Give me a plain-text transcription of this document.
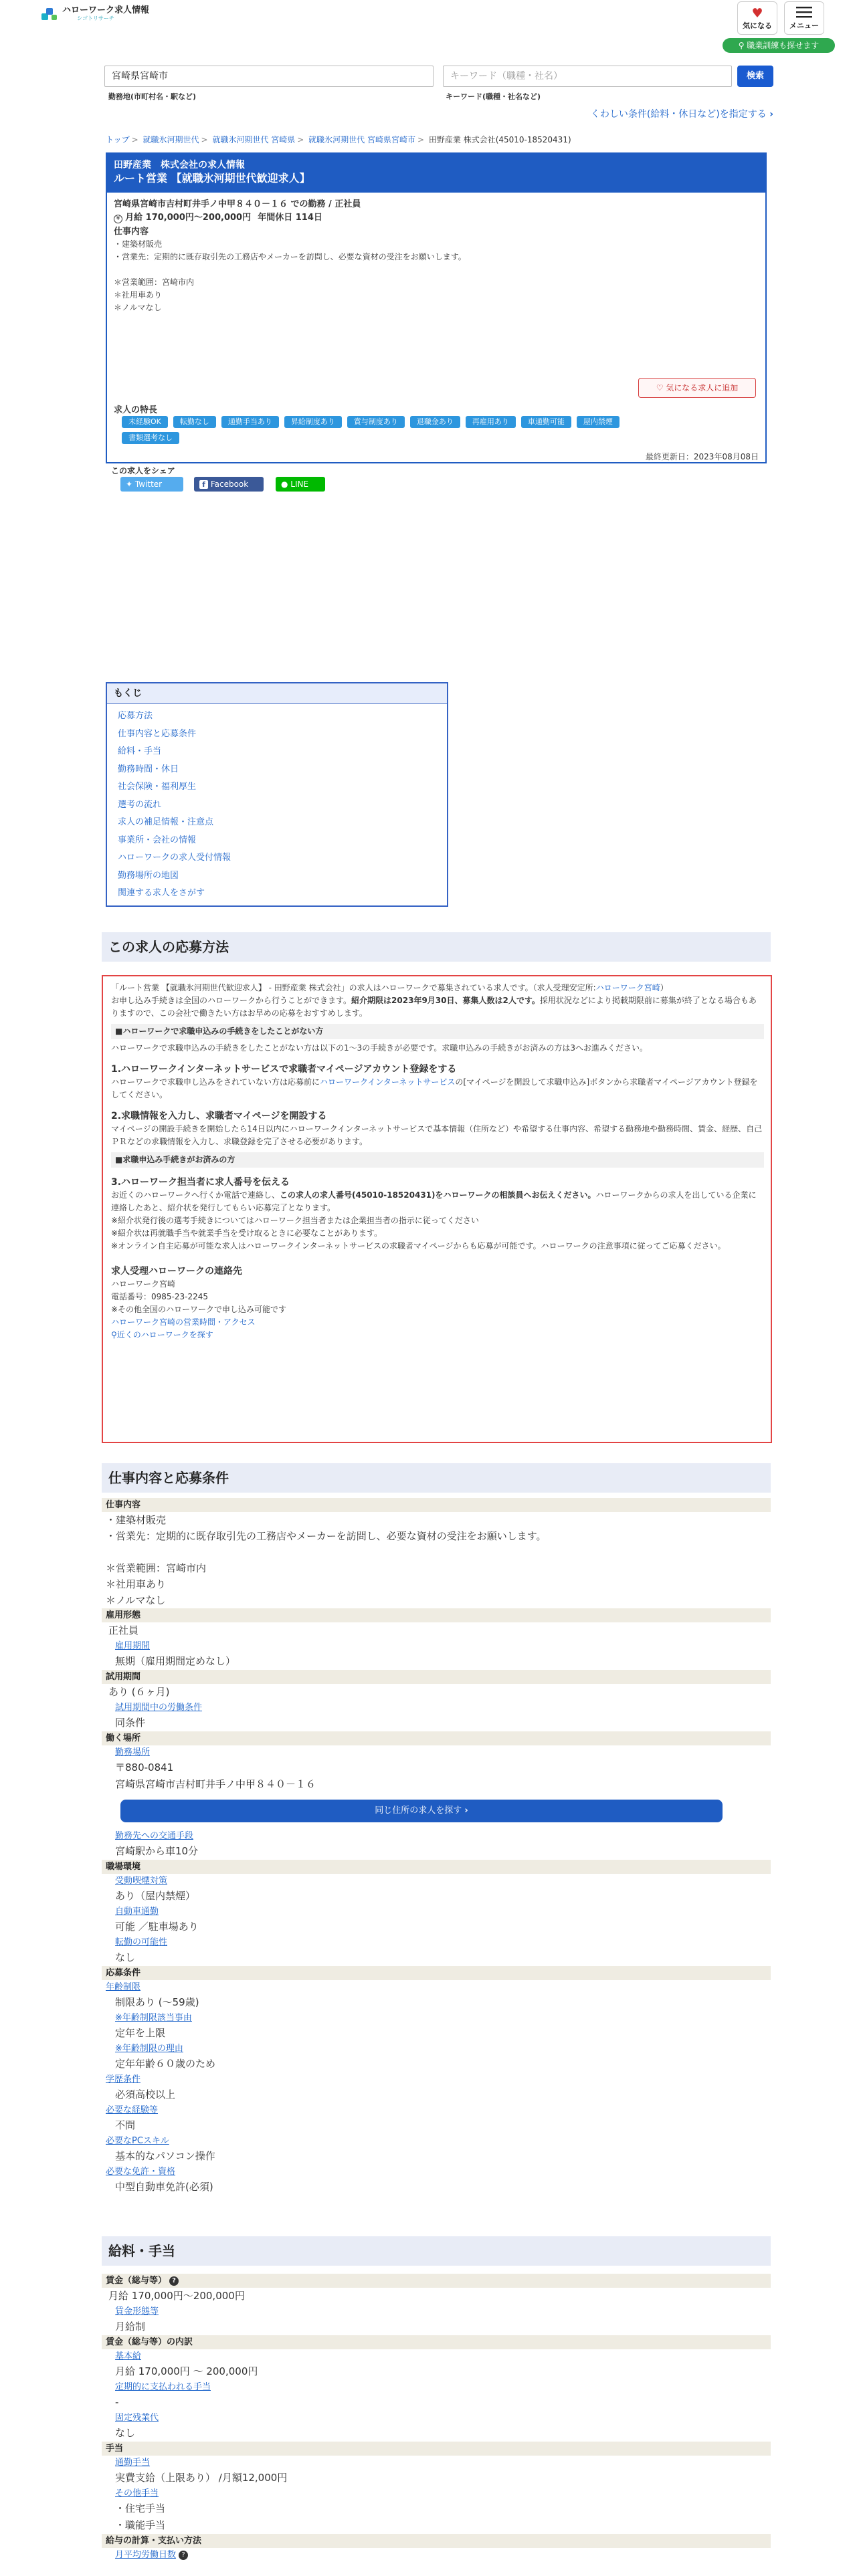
ハローワーク求人情報
シゴトリサーチ	♥
気になる	メニュー
⚲ 職業訓練も探せます
宮崎県宮崎市	キーワード（職種・社名）	検索
勤務地(市町村名・駅など)	キーワード(職種・社名など)
くわしい条件(給料・休日など)を指定する ›
トップ > 就職氷河期世代 > 就職氷河期世代 宮崎県 > 就職氷河期世代 宮崎県宮崎市 > 田野産業 株式会社(45010-18520431)
田野産業　株式会社の求人情報
ルート営業 【就職氷河期世代歓迎求人】
宮崎県宮崎市吉村町井手ノ中甲８４０－１６ での勤務 / 正社員
¥ 月給 170,000円〜200,000円 年間休日 114日
仕事内容
・建築材販売
・営業先：定期的に既存取引先の工務店やメーカーを訪問し、必要な資材の受注をお願いします。

＊営業範囲：宮崎市内
＊社用車あり
＊ノルマなし
♡ 気になる求人に追加
求人の特長
未経験OK	転勤なし	通勤手当あり	昇給制度あり	賞与制度あり	退職金あり	再雇用あり	車通勤可能	屋内禁煙
書類選考なし
最終更新日：2023年08月08日
この求人をシェア
✦ Twitter	f Facebook	● LINE
もくじ
応募方法
仕事内容と応募条件
給料・手当
勤務時間・休日
社会保険・福利厚生
選考の流れ
求人の補足情報・注意点
事業所・会社の情報
ハローワークの求人受付情報
勤務場所の地図
関連する求人をさがす
この求人の応募方法

「ルート営業 【就職氷河期世代歓迎求人】 - 田野産業 株式会社」の求人はハローワークで募集されている求人です。（求人受理安定所:ハローワーク宮崎）

お申し込み手続きは全国のハローワークから行うことができます。紹介期限は2023年9月30日、募集人数は2人です。採用状況などにより掲載期限前に募集が終了となる場合もありますので、この会社で働きたい方はお早めの応募をおすすめします。

■ハローワークで求職申込みの手続きをしたことがない方

ハローワークで求職申込みの手続きをしたことがない方は以下の1〜3の手続きが必要です。求職申込みの手続きがお済みの方は3へお進みください。

1.ハローワークインターネットサービスで求職者マイページアカウント登録をする

ハローワークで求職申し込みをされていない方は応募前にハローワークインターネットサービスの[マイページを開設して求職申込み]ボタンから求職者マイページアカウント登録をしてください。

2.求職情報を入力し、求職者マイページを開設する

マイページの開設手続きを開始したら14日以内にハローワークインターネットサービスで基本情報（住所など）や希望する仕事内容、希望する勤務地や勤務時間、賃金、経歴、自己ＰＲなどの求職情報を入力し、求職登録を完了させる必要があります。

■求職申込み手続きがお済みの方
3.ハローワーク担当者に求人番号を伝える

お近くのハローワークへ行くか電話で連絡し、この求人の求人番号(45010-18520431)をハローワークの相談員へお伝えください。ハローワークからの求人を出している企業に連絡したあと、紹介状を発行してもらい応募完了となります。

※紹介状発行後の選考手続きについてはハローワーク担当者または企業担当者の指示に従ってください

※紹介状は再就職手当や就業手当を受け取るときに必要なことがあります。

※オンライン自主応募が可能な求人はハローワークインターネットサービスの求職者マイページからも応募が可能です。ハローワークの注意事項に従ってご応募ください。

求人受理ハローワークの連絡先

ハローワーク宮崎

電話番号：0985-23-2245

※その他全国のハローワークで申し込み可能です

ハローワーク宮崎の営業時間・アクセス

⚲近くのハローワークを探す

仕事内容と応募条件
仕事内容
・建築材販売
・営業先：定期的に既存取引先の工務店やメーカーを訪問し、必要な資材の受注をお願いします。

＊営業範囲：宮崎市内
＊社用車あり
＊ノルマなし
雇用形態
正社員
雇用期間
無期（雇用期間定めなし）
試用期間
あり (６ヶ月)
試用期間中の労働条件
同条件
働く場所
勤務場所
〒880-0841
宮崎県宮崎市吉村町井手ノ中甲８４０－１６
同じ住所の求人を探す ›
勤務先への交通手段
宮崎駅から車10分
職場環境
受動喫煙対策
あり（屋内禁煙）
自動車通勤
可能 ／駐車場あり
転勤の可能性
なし
応募条件
年齢制限
制限あり (〜59歳)
※年齢制限該当事由
定年を上限
※年齢制限の理由
定年年齢６０歳のため
学歴条件
必須高校以上
必要な経験等
不問
必要なPCスキル
基本的なパソコン操作
必要な免許・資格
中型自動車免許(必須)
給料・手当
賃金（総与等） ?
月給 170,000円〜200,000円
賃金形態等
月給制
賃金（総与等）の内訳
基本給
月給 170,000円 〜 200,000円
定期的に支払われる手当
-
固定残業代
なし
手当
通勤手当
実費支給（上限あり） /月額12,000円
その他手当
・住宅手当
・職能手当
給与の計算・支払い方法
月平均労働日数 ?
